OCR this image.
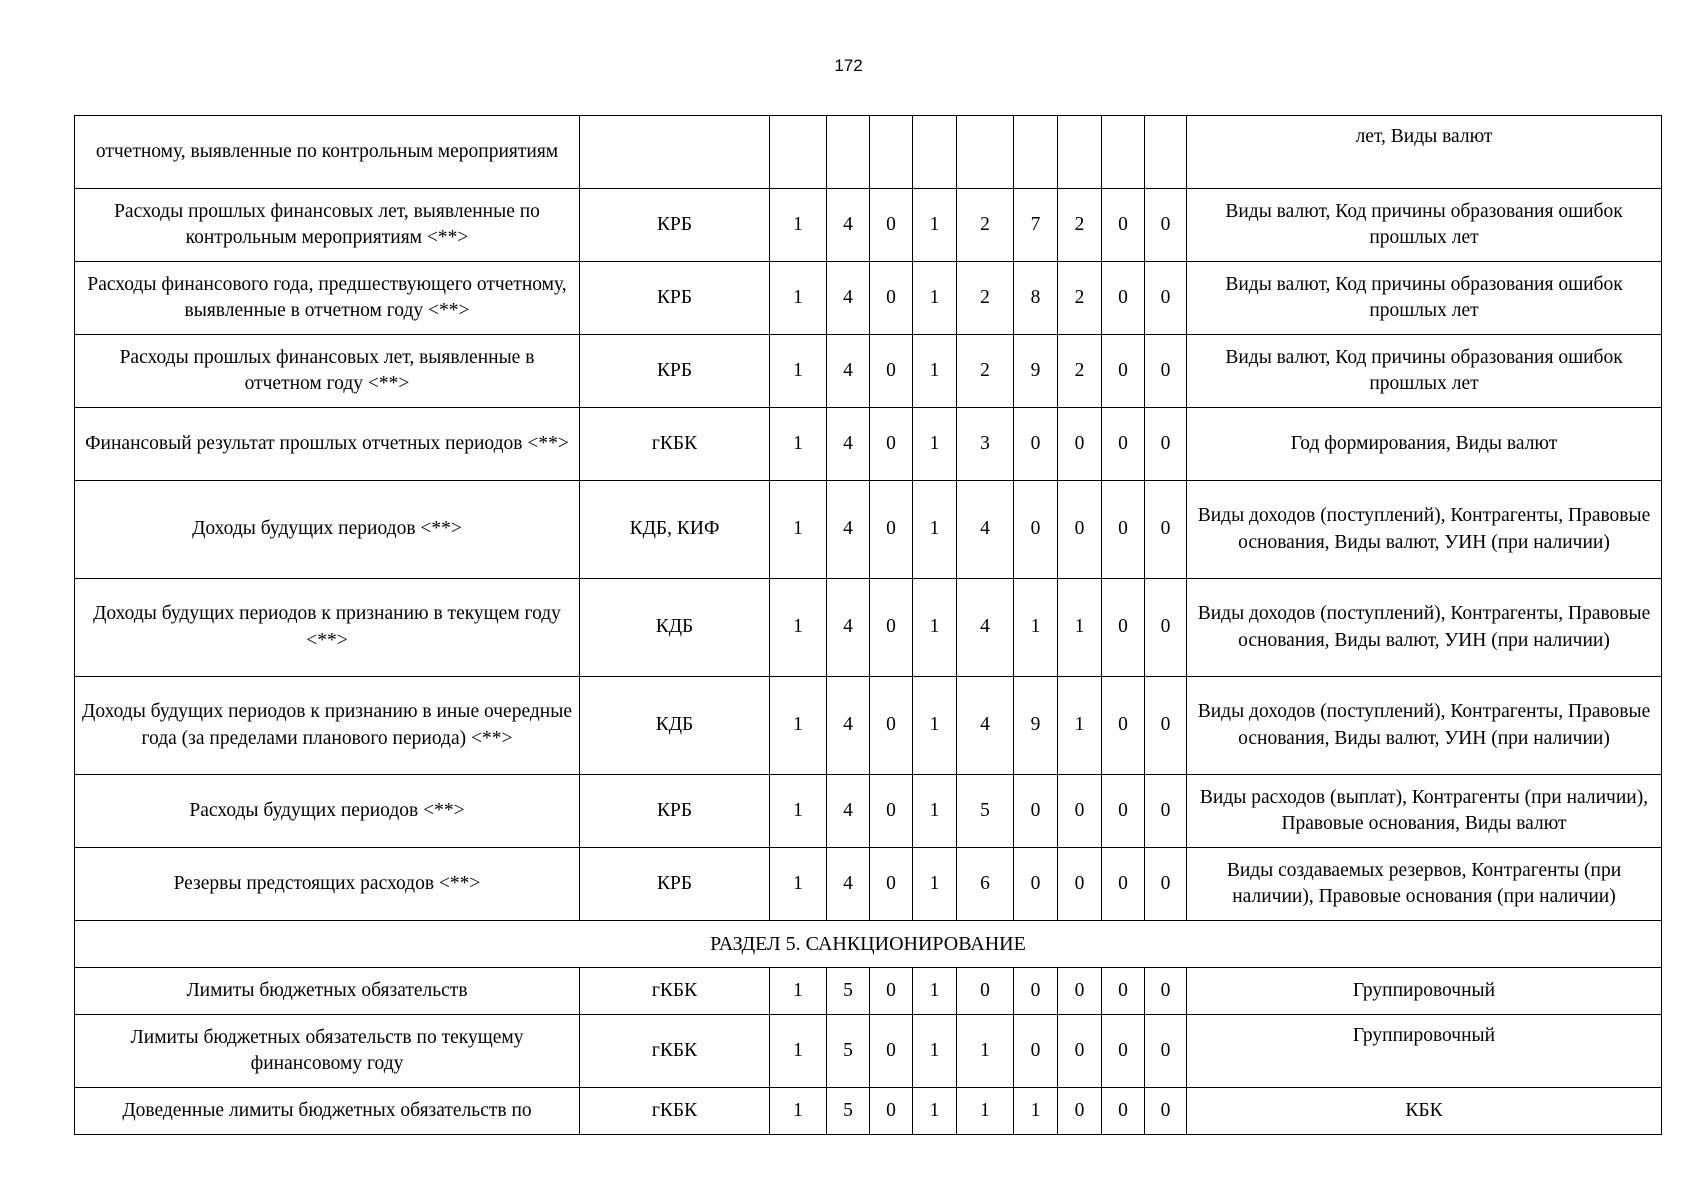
172
отчетному, выявленные по контрольным мероприятиям											лет, Виды валют
Расходы прошлых финансовых лет, выявленные по контрольным мероприятиям <**>	КРБ	1	4	0	1	2	7	2	0	0	Виды валют, Код причины образования ошибок прошлых лет
Расходы финансового года, предшествующего отчетному, выявленные в отчетном году <**>	КРБ	1	4	0	1	2	8	2	0	0	Виды валют, Код причины образования ошибок прошлых лет
Расходы прошлых финансовых лет, выявленные в отчетном году <**>	КРБ	1	4	0	1	2	9	2	0	0	Виды валют, Код причины образования ошибок прошлых лет
Финансовый результат прошлых отчетных периодов <**>	гКБК	1	4	0	1	3	0	0	0	0	Год формирования, Виды валют
Доходы будущих периодов <**>	КДБ, КИФ	1	4	0	1	4	0	0	0	0	Виды доходов (поступлений), Контрагенты, Правовые основания, Виды валют, УИН (при наличии)
Доходы будущих периодов к признанию в текущем году <**>	КДБ	1	4	0	1	4	1	1	0	0	Виды доходов (поступлений), Контрагенты, Правовые основания, Виды валют, УИН (при наличии)
Доходы будущих периодов к признанию в иные очередные года (за пределами планового периода) <**>	КДБ	1	4	0	1	4	9	1	0	0	Виды доходов (поступлений), Контрагенты, Правовые основания, Виды валют, УИН (при наличии)
Расходы будущих периодов <**>	КРБ	1	4	0	1	5	0	0	0	0	Виды расходов (выплат), Контрагенты (при наличии), Правовые основания, Виды валют
Резервы предстоящих расходов <**>	КРБ	1	4	0	1	6	0	0	0	0	Виды создаваемых резервов, Контрагенты (при наличии), Правовые основания (при наличии)
РАЗДЕЛ 5. САНКЦИОНИРОВАНИЕ											
Лимиты бюджетных обязательств	гКБК	1	5	0	1	0	0	0	0	0	Группировочный
Лимиты бюджетных обязательств по текущему финансовому году	гКБК	1	5	0	1	1	0	0	0	0	Группировочный
Доведенные лимиты бюджетных обязательств по	гКБК	1	5	0	1	1	1	0	0	0	КБК
